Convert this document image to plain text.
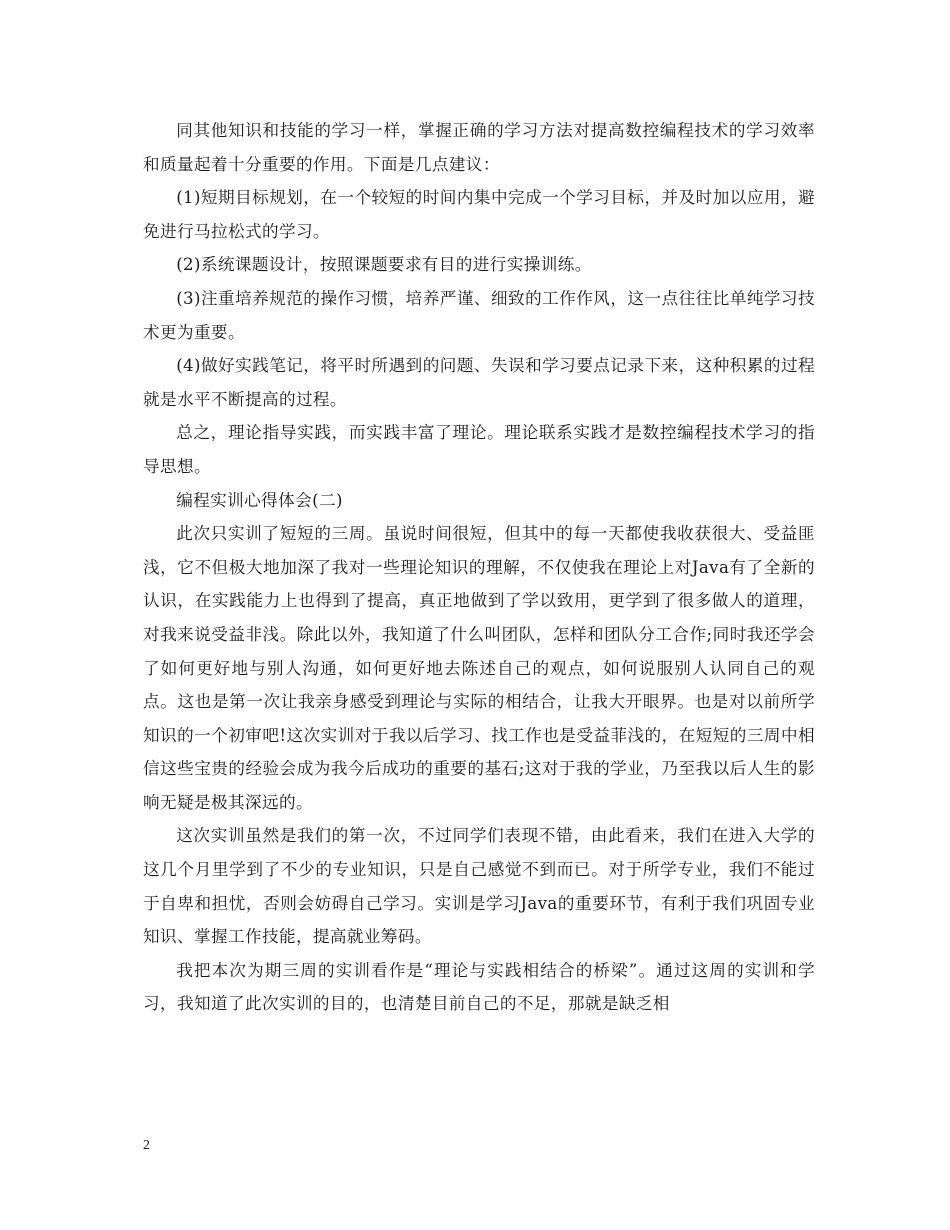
同其他知识和技能的学习一样，掌握正确的学习方法对提高数控编程技术的学习效率和质量起着十分重要的作用。下面是几点建议：

(1)短期目标规划，在一个较短的时间内集中完成一个学习目标，并及时加以应用，避免进行马拉松式的学习。

(2)系统课题设计，按照课题要求有目的进行实操训练。

(3)注重培养规范的操作习惯，培养严谨、细致的工作作风，这一点往往比单纯学习技术更为重要。

(4)做好实践笔记，将平时所遇到的问题、失误和学习要点记录下来，这种积累的过程就是水平不断提高的过程。

总之，理论指导实践，而实践丰富了理论。理论联系实践才是数控编程技术学习的指导思想。

编程实训心得体会(二)

此次只实训了短短的三周。虽说时间很短，但其中的每一天都使我收获很大、受益匪浅，它不但极大地加深了我对一些理论知识的理解，不仅使我在理论上对Java有了全新的认识，在实践能力上也得到了提高，真正地做到了学以致用，更学到了很多做人的道理，对我来说受益非浅。除此以外，我知道了什么叫团队，怎样和团队分工合作;同时我还学会了如何更好地与别人沟通，如何更好地去陈述自己的观点，如何说服别人认同自己的观点。这也是第一次让我亲身感受到理论与实际的相结合，让我大开眼界。也是对以前所学知识的一个初审吧!这次实训对于我以后学习、找工作也是受益菲浅的，在短短的三周中相信这些宝贵的经验会成为我今后成功的重要的基石;这对于我的学业，乃至我以后人生的影响无疑是极其深远的。

这次实训虽然是我们的第一次，不过同学们表现不错，由此看来，我们在进入大学的这几个月里学到了不少的专业知识，只是自己感觉不到而已。对于所学专业，我们不能过于自卑和担忧，否则会妨碍自己学习。实训是学习Java的重要环节，有利于我们巩固专业知识、掌握工作技能，提高就业筹码。

我把本次为期三周的实训看作是“理论与实践相结合的桥梁”。通过这周的实训和学习，我知道了此次实训的目的，也清楚目前自己的不足，那就是缺乏相

2
